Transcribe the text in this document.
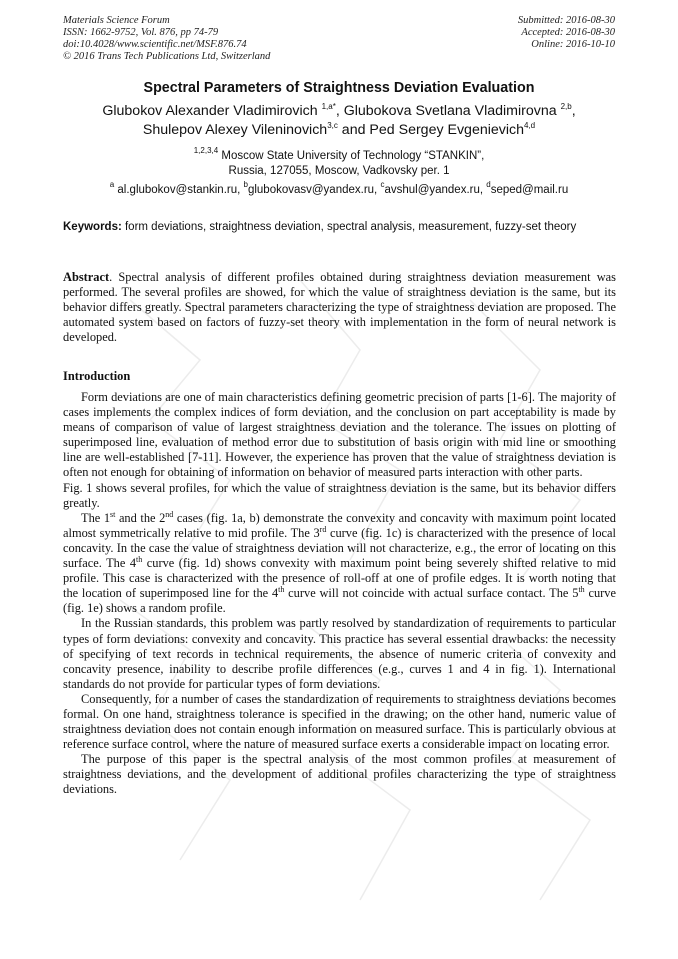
Materials Science Forum
ISSN: 1662-9752, Vol. 876, pp 74-79
doi:10.4028/www.scientific.net/MSF.876.74
© 2016 Trans Tech Publications Ltd, Switzerland
Submitted: 2016-08-30
Accepted: 2016-08-30
Online: 2016-10-10
Spectral Parameters of Straightness Deviation Evaluation
Glubokov Alexander Vladimirovich $^{1,a*}$, Glubokova Svetlana Vladimirovna $^{2,b}$,
Shulepov Alexey Vileninovich$^{3,c}$ and Ped Sergey Evgenievich$^{4,d}$
$^{1,2,3,4}$ Moscow State University of Technology “STANKIN”,
Russia, 127055, Moscow, Vadkovsky per. 1
$^a$ al.glubokov@stankin.ru, $^b$glubokovasv@yandex.ru, $^c$avshul@yandex.ru, $^d$seped@mail.ru
Keywords: form deviations, straightness deviation, spectral analysis, measurement, fuzzy-set theory
Abstract. Spectral analysis of different profiles obtained during straightness deviation measurement was performed. The several profiles are showed, for which the value of straightness deviation is the same, but its behavior differs greatly. Spectral parameters characterizing the type of straightness deviation are proposed. The automated system based on factors of fuzzy-set theory with implementation in the form of neural network is developed.
Introduction

Form deviations are one of main characteristics defining geometric precision of parts [1-6]. The majority of cases implements the complex indices of form deviation, and the conclusion on part acceptability is made by means of comparison of value of largest straightness deviation and the tolerance. The issues on plotting of superimposed line, evaluation of method error due to substitution of basis origin with mid line or smoothing line are well-established [7-11]. However, the experience has proven that the value of straightness deviation is often not enough for obtaining of information on behavior of measured parts interaction with other parts.

Fig. 1 shows several profiles, for which the value of straightness deviation is the same, but its behavior differs greatly.

The 1st and the 2nd cases (fig. 1a, b) demonstrate the convexity and concavity with maximum point located almost symmetrically relative to mid profile. The 3rd curve (fig. 1c) is characterized with the presence of local concavity. In the case the value of straightness deviation will not characterize, e.g., the error of locating on this surface. The 4th curve (fig. 1d) shows convexity with maximum point being severely shifted relative to mid profile. This case is characterized with the presence of roll-off at one of profile edges. It is worth noting that the location of superimposed line for the 4th curve will not coincide with actual surface contact. The 5th curve (fig. 1e) shows a random profile.

In the Russian standards, this problem was partly resolved by standardization of requirements to particular types of form deviations: convexity and concavity. This practice has several essential drawbacks: the necessity of specifying of text records in technical requirements, the absence of numeric criteria of convexity and concavity presence, inability to describe profile differences (e.g., curves 1 and 4 in fig. 1). International standards do not provide for particular types of form deviations.

Consequently, for a number of cases the standardization of requirements to straightness deviations becomes formal. On one hand, straightness tolerance is specified in the drawing; on the other hand, numeric value of straightness deviation does not contain enough information on measured surface. This is particularly obvious at reference surface control, where the nature of measured surface exerts a considerable impact on locating error.

The purpose of this paper is the spectral analysis of the most common profiles at measurement of straightness deviations, and the development of additional profiles characterizing the type of straightness deviations.
